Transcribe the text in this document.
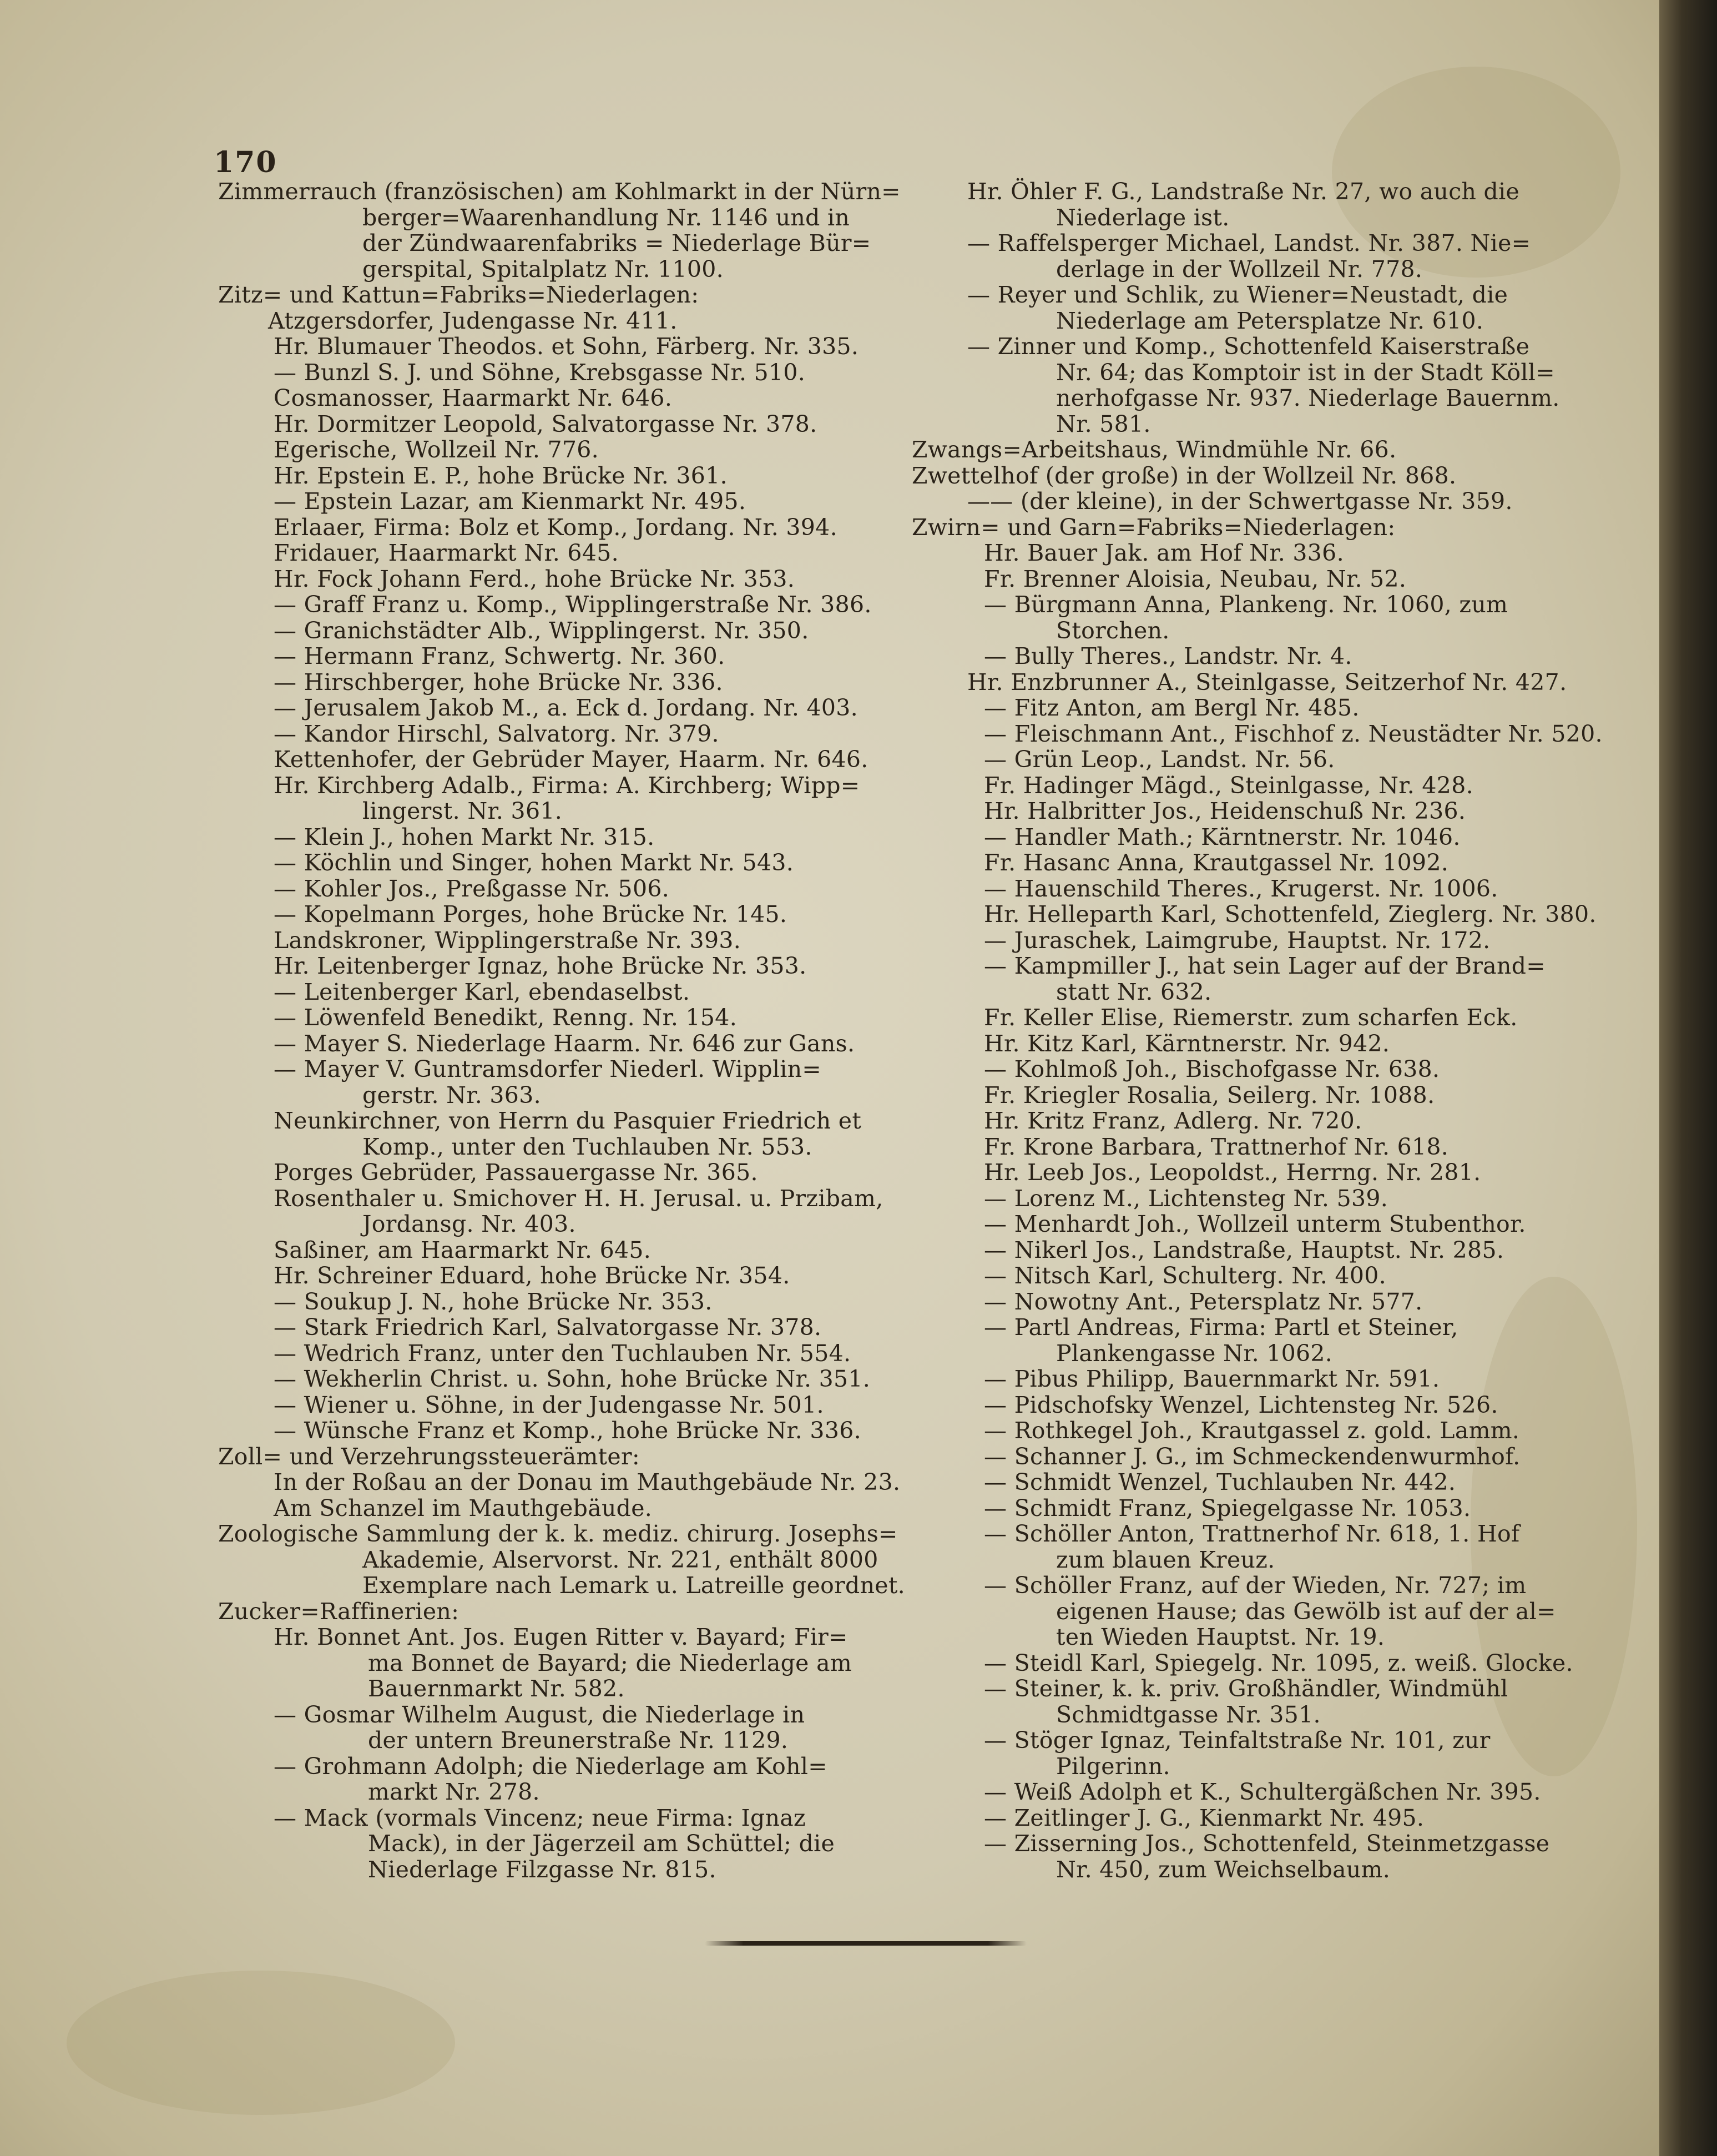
170
Zimmerrauch (französischen) am Kohlmarkt in der Nürn=
berger=Waarenhandlung Nr. 1146 und in
der Zündwaarenfabriks = Niederlage Bür=
gerspital, Spitalplatz Nr. 1100.
Zitz= und Kattun=Fabriks=Niederlagen:
Atzgersdorfer, Judengasse Nr. 411.
Hr. Blumauer Theodos. et Sohn, Färberg. Nr. 335.
— Bunzl S. J. und Söhne, Krebsgasse Nr. 510.
Cosmanosser, Haarmarkt Nr. 646.
Hr. Dormitzer Leopold, Salvatorgasse Nr. 378.
Egerische, Wollzeil Nr. 776.
Hr. Epstein E. P., hohe Brücke Nr. 361.
— Epstein Lazar, am Kienmarkt Nr. 495.
Erlaaer, Firma: Bolz et Komp., Jordang. Nr. 394.
Fridauer, Haarmarkt Nr. 645.
Hr. Fock Johann Ferd., hohe Brücke Nr. 353.
— Graff Franz u. Komp., Wipplingerstraße Nr. 386.
— Granichstädter Alb., Wipplingerst. Nr. 350.
— Hermann Franz, Schwertg. Nr. 360.
— Hirschberger, hohe Brücke Nr. 336.
— Jerusalem Jakob M., a. Eck d. Jordang. Nr. 403.
— Kandor Hirschl, Salvatorg. Nr. 379.
Kettenhofer, der Gebrüder Mayer, Haarm. Nr. 646.
Hr. Kirchberg Adalb., Firma: A. Kirchberg; Wipp=
lingerst. Nr. 361.
— Klein J., hohen Markt Nr. 315.
— Köchlin und Singer, hohen Markt Nr. 543.
— Kohler Jos., Preßgasse Nr. 506.
— Kopelmann Porges, hohe Brücke Nr. 145.
Landskroner, Wipplingerstraße Nr. 393.
Hr. Leitenberger Ignaz, hohe Brücke Nr. 353.
— Leitenberger Karl, ebendaselbst.
— Löwenfeld Benedikt, Renng. Nr. 154.
— Mayer S. Niederlage Haarm. Nr. 646 zur Gans.
— Mayer V. Guntramsdorfer Niederl. Wipplin=
gerstr. Nr. 363.
Neunkirchner, von Herrn du Pasquier Friedrich et
Komp., unter den Tuchlauben Nr. 553.
Porges Gebrüder, Passauergasse Nr. 365.
Rosenthaler u. Smichover H. H. Jerusal. u. Przibam,
Jordansg. Nr. 403.
Saßiner, am Haarmarkt Nr. 645.
Hr. Schreiner Eduard, hohe Brücke Nr. 354.
— Soukup J. N., hohe Brücke Nr. 353.
— Stark Friedrich Karl, Salvatorgasse Nr. 378.
— Wedrich Franz, unter den Tuchlauben Nr. 554.
— Wekherlin Christ. u. Sohn, hohe Brücke Nr. 351.
— Wiener u. Söhne, in der Judengasse Nr. 501.
— Wünsche Franz et Komp., hohe Brücke Nr. 336.
Zoll= und Verzehrungssteuerämter:
In der Roßau an der Donau im Mauthgebäude Nr. 23.
Am Schanzel im Mauthgebäude.
Zoologische Sammlung der k. k. mediz. chirurg. Josephs=
Akademie, Alservorst. Nr. 221, enthält 8000
Exemplare nach Lemark u. Latreille geordnet.
Zucker=Raffinerien:
Hr. Bonnet Ant. Jos. Eugen Ritter v. Bayard; Fir=
ma Bonnet de Bayard; die Niederlage am
Bauernmarkt Nr. 582.
— Gosmar Wilhelm August, die Niederlage in
der untern Breunerstraße Nr. 1129.
— Grohmann Adolph; die Niederlage am Kohl=
markt Nr. 278.
— Mack (vormals Vincenz; neue Firma: Ignaz
Mack), in der Jägerzeil am Schüttel; die
Niederlage Filzgasse Nr. 815.
Hr. Öhler F. G., Landstraße Nr. 27, wo auch die
Niederlage ist.
— Raffelsperger Michael, Landst. Nr. 387. Nie=
derlage in der Wollzeil Nr. 778.
— Reyer und Schlik, zu Wiener=Neustadt, die
Niederlage am Petersplatze Nr. 610.
— Zinner und Komp., Schottenfeld Kaiserstraße
Nr. 64; das Komptoir ist in der Stadt Köll=
nerhofgasse Nr. 937. Niederlage Bauernm.
Nr. 581.
Zwangs=Arbeitshaus, Windmühle Nr. 66.
Zwettelhof (der große) in der Wollzeil Nr. 868.
—— (der kleine), in der Schwertgasse Nr. 359.
Zwirn= und Garn=Fabriks=Niederlagen:
Hr. Bauer Jak. am Hof Nr. 336.
Fr. Brenner Aloisia, Neubau, Nr. 52.
— Bürgmann Anna, Plankeng. Nr. 1060, zum
Storchen.
— Bully Theres., Landstr. Nr. 4.
Hr. Enzbrunner A., Steinlgasse, Seitzerhof Nr. 427.
— Fitz Anton, am Bergl Nr. 485.
— Fleischmann Ant., Fischhof z. Neustädter Nr. 520.
— Grün Leop., Landst. Nr. 56.
Fr. Hadinger Mägd., Steinlgasse, Nr. 428.
Hr. Halbritter Jos., Heidenschuß Nr. 236.
— Handler Math.; Kärntnerstr. Nr. 1046.
Fr. Hasanc Anna, Krautgassel Nr. 1092.
— Hauenschild Theres., Krugerst. Nr. 1006.
Hr. Helleparth Karl, Schottenfeld, Zieglerg. Nr. 380.
— Juraschek, Laimgrube, Hauptst. Nr. 172.
— Kampmiller J., hat sein Lager auf der Brand=
statt Nr. 632.
Fr. Keller Elise, Riemerstr. zum scharfen Eck.
Hr. Kitz Karl, Kärntnerstr. Nr. 942.
— Kohlmoß Joh., Bischofgasse Nr. 638.
Fr. Kriegler Rosalia, Seilerg. Nr. 1088.
Hr. Kritz Franz, Adlerg. Nr. 720.
Fr. Krone Barbara, Trattnerhof Nr. 618.
Hr. Leeb Jos., Leopoldst., Herrng. Nr. 281.
— Lorenz M., Lichtensteg Nr. 539.
— Menhardt Joh., Wollzeil unterm Stubenthor.
— Nikerl Jos., Landstraße, Hauptst. Nr. 285.
— Nitsch Karl, Schulterg. Nr. 400.
— Nowotny Ant., Petersplatz Nr. 577.
— Partl Andreas, Firma: Partl et Steiner,
Plankengasse Nr. 1062.
— Pibus Philipp, Bauernmarkt Nr. 591.
— Pidschofsky Wenzel, Lichtensteg Nr. 526.
— Rothkegel Joh., Krautgassel z. gold. Lamm.
— Schanner J. G., im Schmeckendenwurmhof.
— Schmidt Wenzel, Tuchlauben Nr. 442.
— Schmidt Franz, Spiegelgasse Nr. 1053.
— Schöller Anton, Trattnerhof Nr. 618, 1. Hof
zum blauen Kreuz.
— Schöller Franz, auf der Wieden, Nr. 727; im
eigenen Hause; das Gewölb ist auf der al=
ten Wieden Hauptst. Nr. 19.
— Steidl Karl, Spiegelg. Nr. 1095, z. weiß. Glocke.
— Steiner, k. k. priv. Großhändler, Windmühl
Schmidtgasse Nr. 351.
— Stöger Ignaz, Teinfaltstraße Nr. 101, zur
Pilgerinn.
— Weiß Adolph et K., Schultergäßchen Nr. 395.
— Zeitlinger J. G., Kienmarkt Nr. 495.
— Zisserning Jos., Schottenfeld, Steinmetzgasse
Nr. 450, zum Weichselbaum.
